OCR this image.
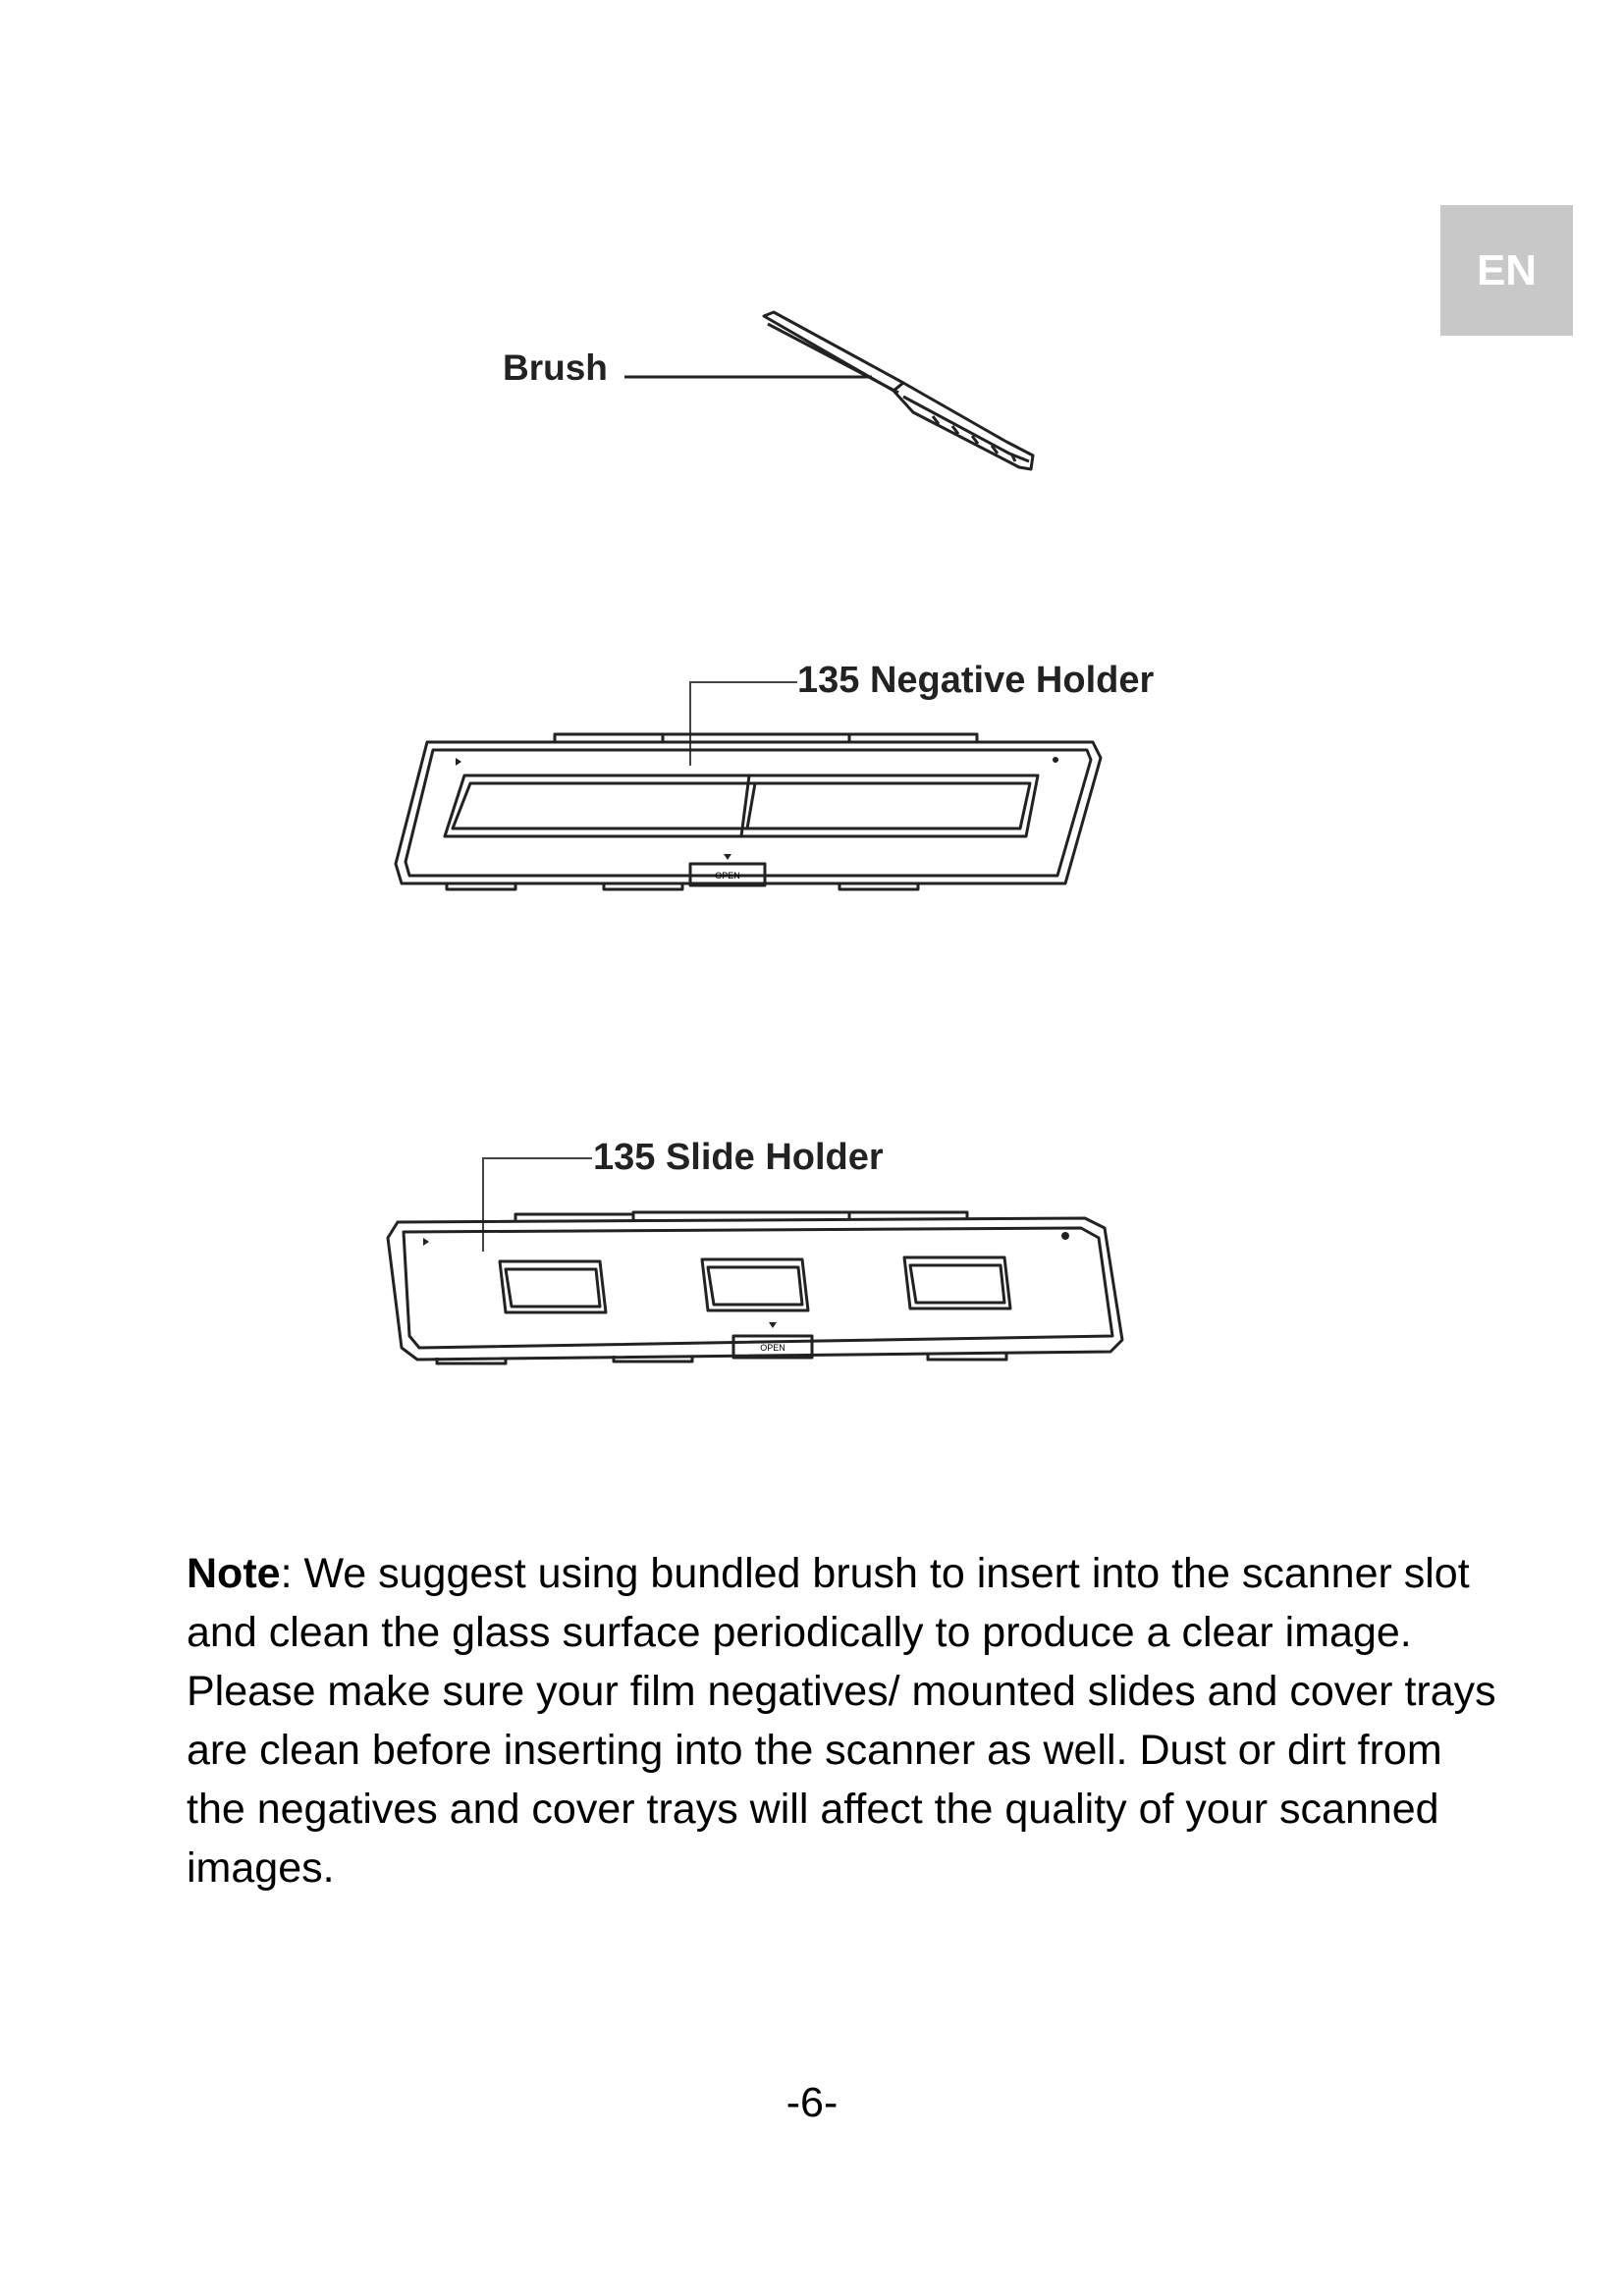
EN
Brush
135 Negative Holder
OPEN
135 Slide Holder
OPEN

Note: We suggest using bundled brush to insert into the scanner slot and clean the glass surface periodically to produce a clear image. Please make sure your film negatives/ mounted slides and cover trays are clean before inserting into the scanner as well. Dust or dirt from the negatives and cover trays will affect the quality of your scanned images.

-6-
